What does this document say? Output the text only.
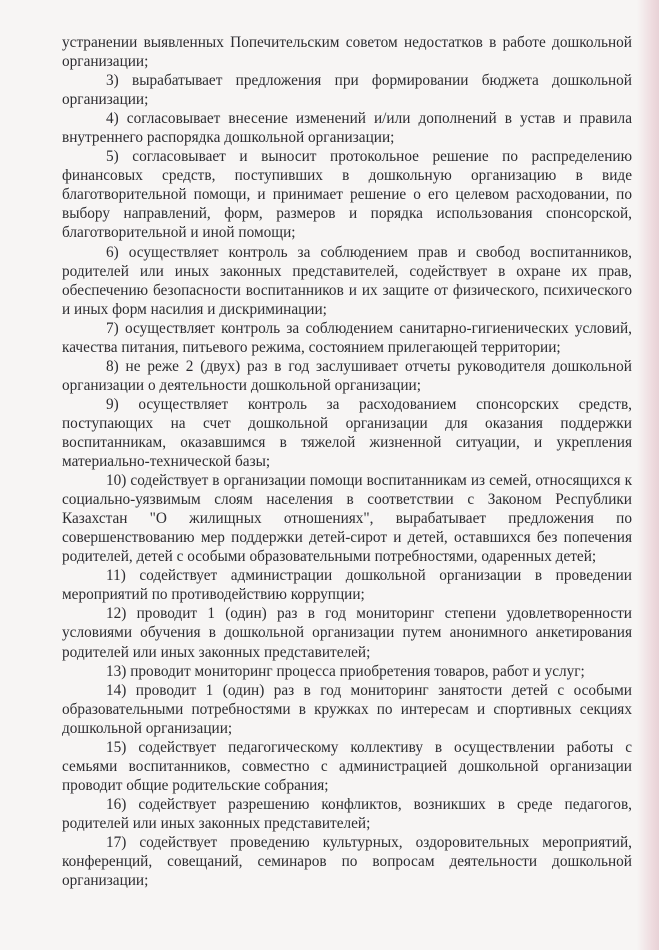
устранении выявленных Попечительским советом недостатков в работе дошкольной организации;

3) вырабатывает предложения при формировании бюджета дошкольной организации;

4) согласовывает внесение изменений и/или дополнений в устав и правила внутреннего распорядка дошкольной организации;

5) согласовывает и выносит протокольное решение по распределению финансовых средств, поступивших в дошкольную организацию в виде благотворительной помощи, и принимает решение о его целевом расходовании, по выбору направлений, форм, размеров и порядка использования спонсорской, благотворительной и иной помощи;

6) осуществляет контроль за соблюдением прав и свобод воспитанников, родителей или иных законных представителей, содействует в охране их прав, обеспечению безопасности воспитанников и их защите от физического, психического и иных форм насилия и дискриминации;

7) осуществляет контроль за соблюдением санитарно-гигиенических условий, качества питания, питьевого режима, состоянием прилегающей территории;

8) не реже 2 (двух) раз в год заслушивает отчеты руководителя дошкольной организации о деятельности дошкольной организации;

9) осуществляет контроль за расходованием спонсорских средств, поступающих на счет дошкольной организации для оказания поддержки воспитанникам, оказавшимся в тяжелой жизненной ситуации, и укрепления материально-технической базы;

10) содействует в организации помощи воспитанникам из семей, относящихся к социально-уязвимым слоям населения в соответствии с Законом Республики Казахстан "О жилищных отношениях", вырабатывает предложения по совершенствованию мер поддержки детей-сирот и детей, оставшихся без попечения родителей, детей с особыми образовательными потребностями, одаренных детей;

11) содействует администрации дошкольной организации в проведении мероприятий по противодействию коррупции;

12) проводит 1 (один) раз в год мониторинг степени удовлетворенности условиями обучения в дошкольной организации путем анонимного анкетирования родителей или иных законных представителей;

13) проводит мониторинг процесса приобретения товаров, работ и услуг;

14) проводит 1 (один) раз в год мониторинг занятости детей с особыми образовательными потребностями в кружках по интересам и спортивных секциях дошкольной организации;

15) содействует педагогическому коллективу в осуществлении работы с семьями воспитанников, совместно с администрацией дошкольной организации проводит общие родительские собрания;

16) содействует разрешению конфликтов, возникших в среде педагогов, родителей или иных законных представителей;

17) содействует проведению культурных, оздоровительных мероприятий, конференций, совещаний, семинаров по вопросам деятельности дошкольной организации;
